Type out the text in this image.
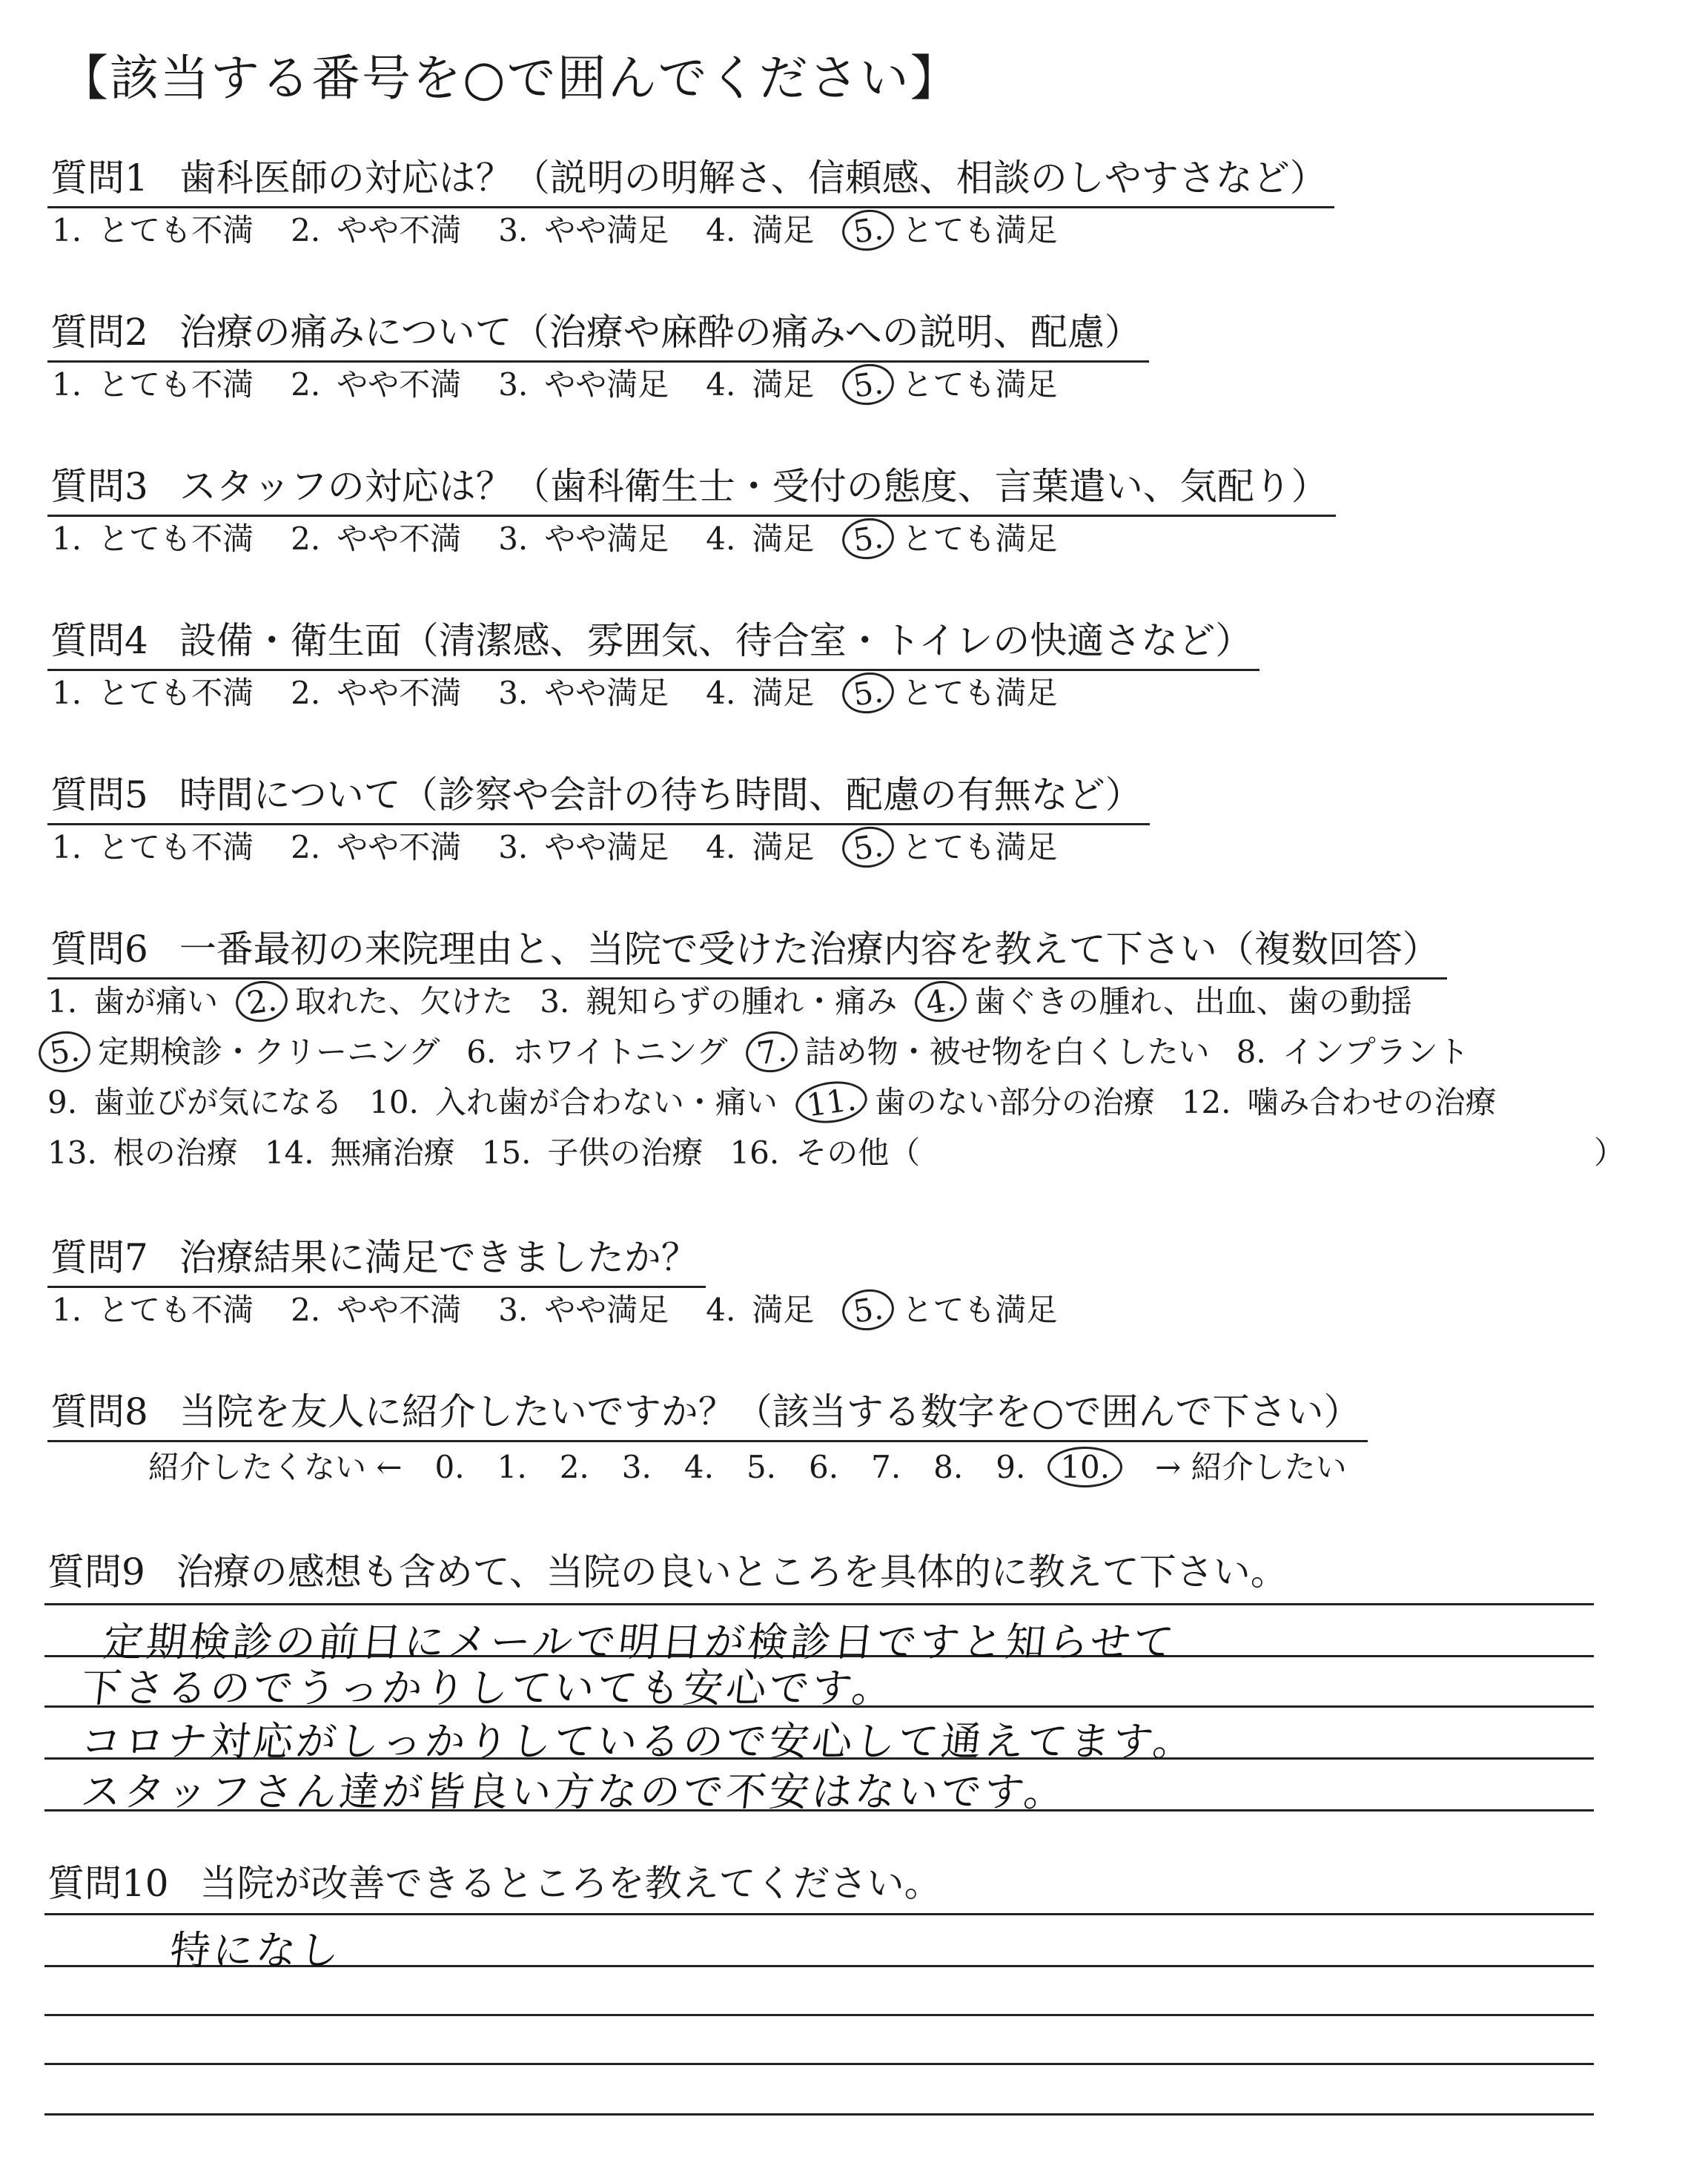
【該当する番号を○で囲んでください】
質問1 歯科医師の対応は？（説明の明解さ、信頼感、相談のしやすさなど）
1. とても不満 2. やや不満 3. やや満足 4. 満足 5. とても満足
質問2 治療の痛みについて（治療や麻酔の痛みへの説明、配慮）
1. とても不満 2. やや不満 3. やや満足 4. 満足 5. とても満足
質問3 スタッフの対応は？（歯科衛生士・受付の態度、言葉遣い、気配り）
1. とても不満 2. やや不満 3. やや満足 4. 満足 5. とても満足
質問4 設備・衛生面（清潔感、雰囲気、待合室・トイレの快適さなど）
1. とても不満 2. やや不満 3. やや満足 4. 満足 5. とても満足
質問5 時間について（診察や会計の待ち時間、配慮の有無など）
1. とても不満 2. やや不満 3. やや満足 4. 満足 5. とても満足
質問6 一番最初の来院理由と、当院で受けた治療内容を教えて下さい（複数回答）
1. 歯が痛い 2. 取れた、欠けた 3. 親知らずの腫れ・痛み 4. 歯ぐきの腫れ、出血、歯の動揺
5. 定期検診・クリーニング 6. ホワイトニング 7. 詰め物・被せ物を白くしたい 8. インプラント
9. 歯並びが気になる 10. 入れ歯が合わない・痛い 11. 歯のない部分の治療 12. 噛み合わせの治療
13. 根の治療 14. 無痛治療 15. 子供の治療 16. その他（	）
質問7 治療結果に満足できましたか？
1. とても不満 2. やや不満 3. やや満足 4. 満足 5. とても満足
質問8 当院を友人に紹介したいですか？（該当する数字を○で囲んで下さい）
紹介したくない ← 0. 1. 2. 3. 4. 5. 6. 7. 8. 9. 10. → 紹介したい
質問9 治療の感想も含めて、当院の良いところを具体的に教えて下さい。
定期検診の前日にメールで明日が検診日ですと知らせて
下さるのでうっかりしていても安心です。
コロナ対応がしっかりしているので安心して通えてます。
スタッフさん達が皆良い方なので不安はないです。
質問10 当院が改善できるところを教えてください。
特になし
